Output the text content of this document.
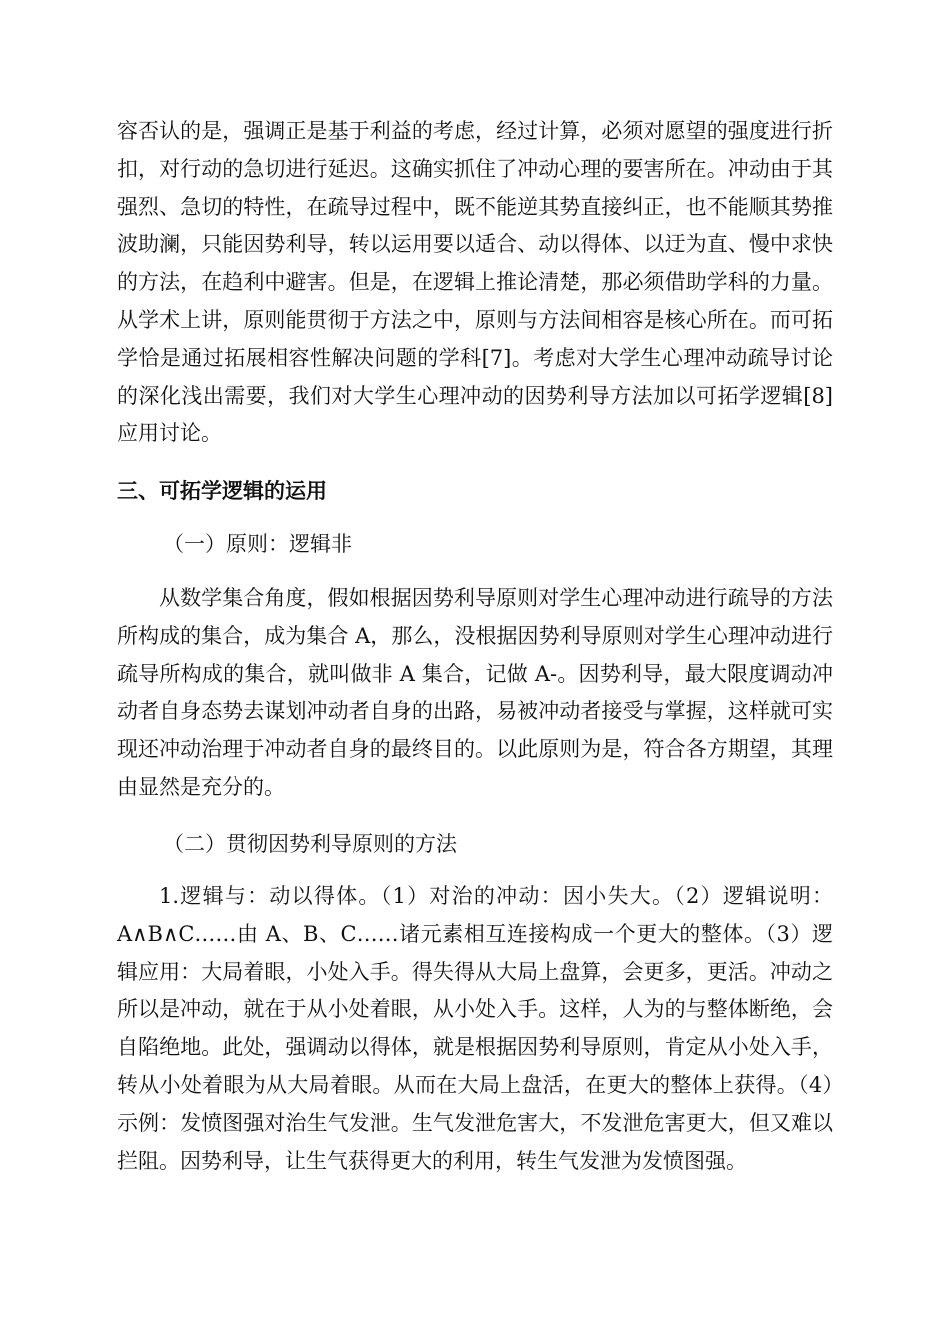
容否认的是，强调正是基于利益的考虑，经过计算，必须对愿望的强度进行折扣，对行动的急切进行延迟。这确实抓住了冲动心理的要害所在。冲动由于其强烈、急切的特性，在疏导过程中，既不能逆其势直接纠正，也不能顺其势推波助澜，只能因势利导，转以运用要以适合、动以得体、以迂为直、慢中求快的方法，在趋利中避害。但是，在逻辑上推论清楚，那必须借助学科的力量。从学术上讲，原则能贯彻于方法之中，原则与方法间相容是核心所在。而可拓学恰是通过拓展相容性解决问题的学科[7]。考虑对大学生心理冲动疏导讨论的深化浅出需要，我们对大学生心理冲动的因势利导方法加以可拓学逻辑[8]应用讨论。

三、可拓学逻辑的运用

（一）原则：逻辑非

从数学集合角度，假如根据因势利导原则对学生心理冲动进行疏导的方法所构成的集合，成为集合 A，那么，没根据因势利导原则对学生心理冲动进行疏导所构成的集合，就叫做非 A 集合，记做 A-。因势利导，最大限度调动冲动者自身态势去谋划冲动者自身的出路，易被冲动者接受与掌握，这样就可实现还冲动治理于冲动者自身的最终目的。以此原则为是，符合各方期望，其理由显然是充分的。

（二）贯彻因势利导原则的方法

1.逻辑与：动以得体。（1）对治的冲动：因小失大。（2）逻辑说明：A∧B∧C……由 A、B、C……诸元素相互连接构成一个更大的整体。（3）逻辑应用：大局着眼，小处入手。得失得从大局上盘算，会更多，更活。冲动之所以是冲动，就在于从小处着眼，从小处入手。这样，人为的与整体断绝，会自陷绝地。此处，强调动以得体，就是根据因势利导原则，肯定从小处入手，转从小处着眼为从大局着眼。从而在大局上盘活，在更大的整体上获得。（4）示例：发愤图强对治生气发泄。生气发泄危害大，不发泄危害更大，但又难以拦阻。因势利导，让生气获得更大的利用，转生气发泄为发愤图强。
